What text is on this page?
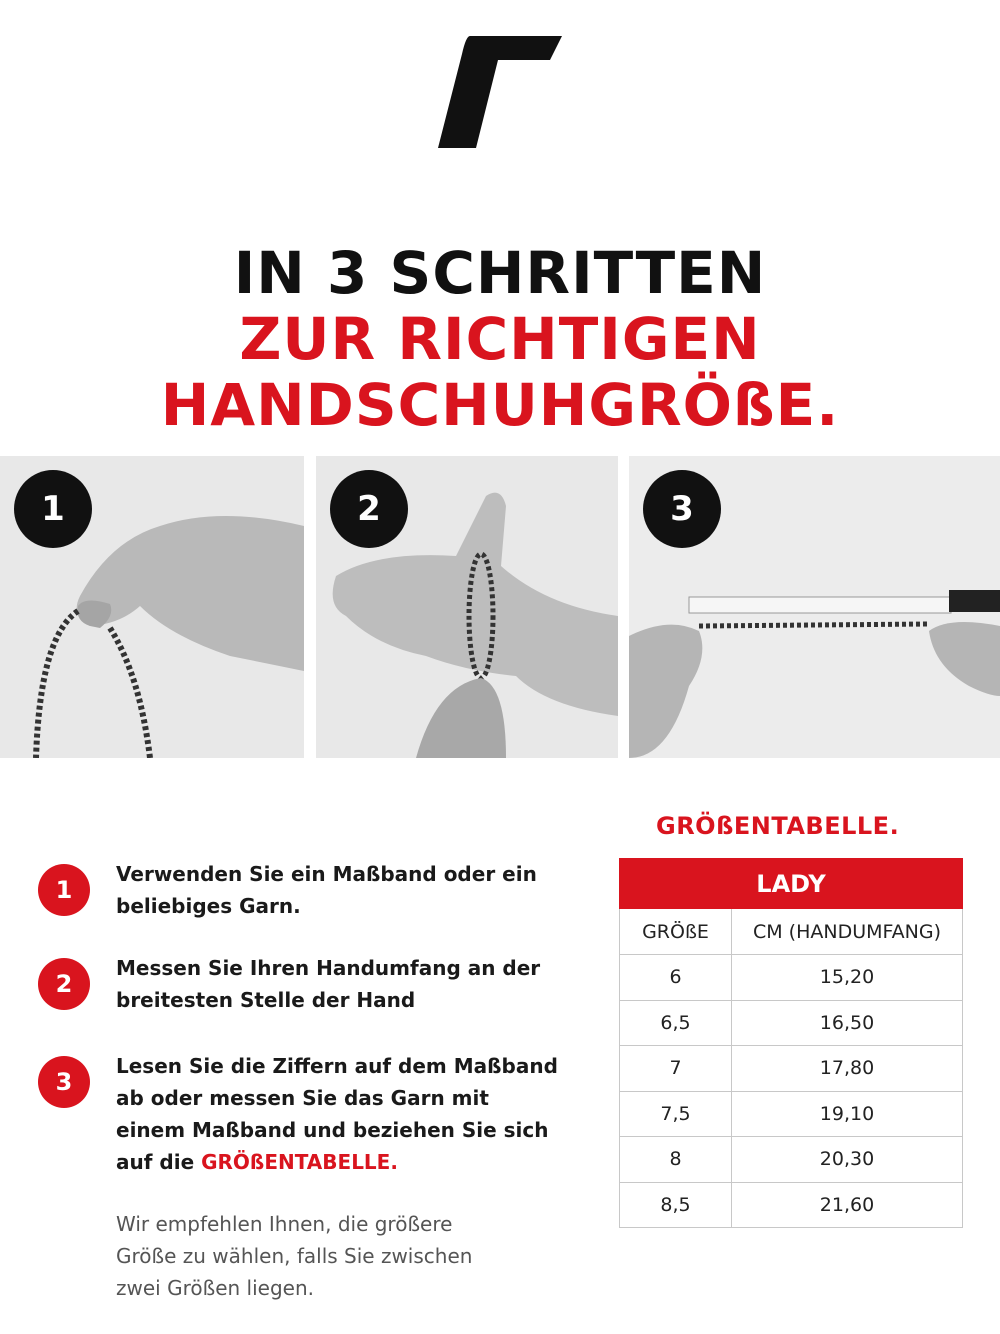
IN 3 SCHRITTEN
ZUR RICHTIGEN
HANDSCHUHGRÖßE.
1	2	3
1
Verwenden Sie ein Maßband oder ein beliebiges Garn.
2
Messen Sie Ihren Handumfang an der breitesten Stelle der Hand
3
Lesen Sie die Ziffern auf dem Maßband ab oder messen Sie das Garn mit einem Maßband und beziehen Sie sich auf die GRÖßENTABELLE.
Wir empfehlen Ihnen, die größere Größe zu wählen, falls Sie zwischen zwei Größen liegen.
GRÖßENTABELLE.
LADY	
GRÖßE	CM (HANDUMFANG)
6	15,20
6,5	16,50
7	17,80
7,5	19,10
8	20,30
8,5	21,60
